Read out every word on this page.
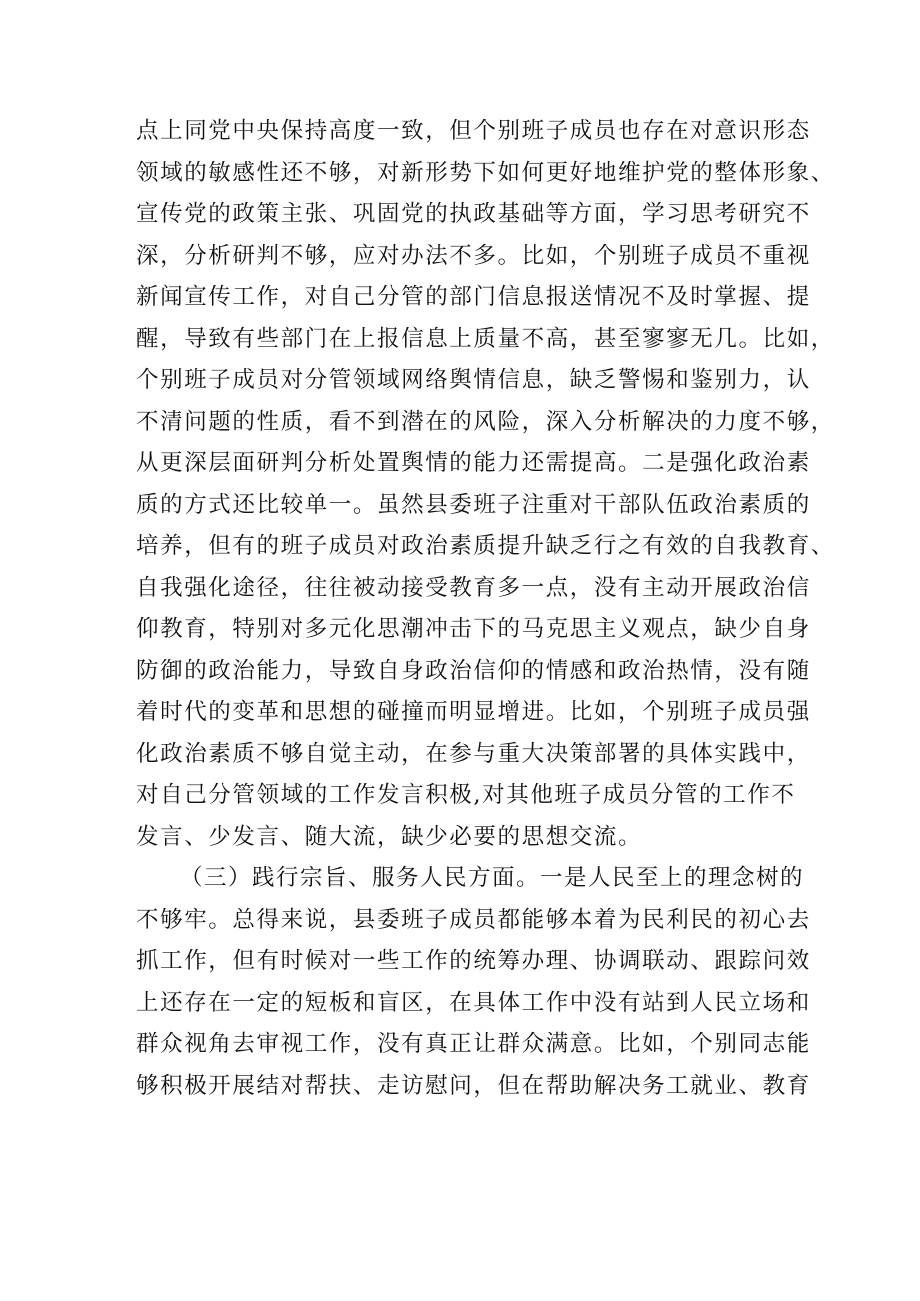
点上同党中央保持高度一致，但个别班子成员也存在对意识形态
领域的敏感性还不够，对新形势下如何更好地维护党的整体形象、
宣传党的政策主张、巩固党的执政基础等方面，学习思考研究不
深，分析研判不够，应对办法不多。比如，个别班子成员不重视
新闻宣传工作，对自己分管的部门信息报送情况不及时掌握、提
醒，导致有些部门在上报信息上质量不高，甚至寥寥无几。比如，
个别班子成员对分管领域网络舆情信息，缺乏警惕和鉴别力，认
不清问题的性质，看不到潜在的风险，深入分析解决的力度不够，
从更深层面研判分析处置舆情的能力还需提高。二是强化政治素
质的方式还比较单一。虽然县委班子注重对干部队伍政治素质的
培养，但有的班子成员对政治素质提升缺乏行之有效的自我教育、
自我强化途径，往往被动接受教育多一点，没有主动开展政治信
仰教育，特别对多元化思潮冲击下的马克思主义观点，缺少自身
防御的政治能力，导致自身政治信仰的情感和政治热情，没有随
着时代的变革和思想的碰撞而明显增进。比如，个别班子成员强
化政治素质不够自觉主动，在参与重大决策部署的具体实践中，
对自己分管领域的工作发言积极,对其他班子成员分管的工作不
发言、少发言、随大流，缺少必要的思想交流。
（三）践行宗旨、服务人民方面。一是人民至上的理念树的
不够牢。总得来说，县委班子成员都能够本着为民利民的初心去
抓工作，但有时候对一些工作的统筹办理、协调联动、跟踪问效
上还存在一定的短板和盲区，在具体工作中没有站到人民立场和
群众视角去审视工作，没有真正让群众满意。比如，个别同志能
够积极开展结对帮扶、走访慰问，但在帮助解决务工就业、教育
